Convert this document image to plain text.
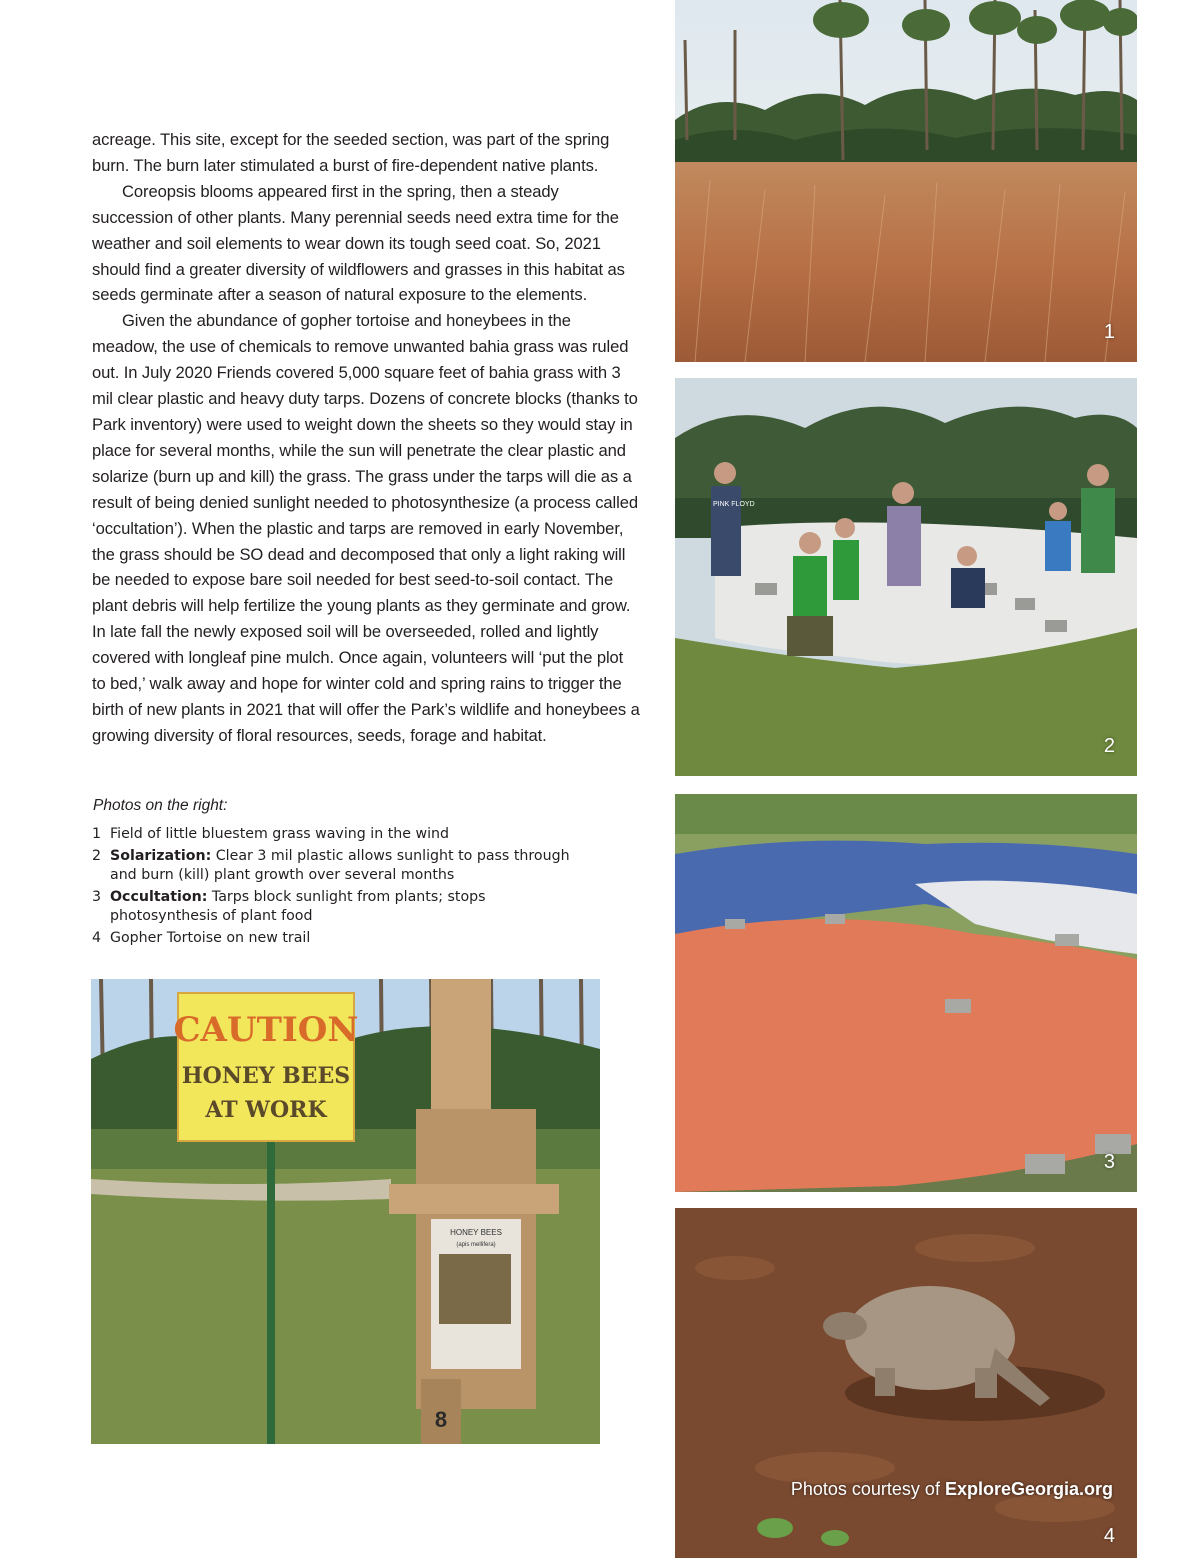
acreage. This site, except for the seeded section, was part of the spring burn. The burn later stimulated a burst of fire-dependent native plants.

Coreopsis blooms appeared first in the spring, then a steady succession of other plants. Many perennial seeds need extra time for the weather and soil elements to wear down its tough seed coat. So, 2021 should find a greater diversity of wildflowers and grasses in this habitat as seeds germinate after a season of natural exposure to the elements.

Given the abundance of gopher tortoise and honeybees in the meadow, the use of chemicals to remove unwanted bahia grass was ruled out. In July 2020 Friends covered 5,000 square feet of bahia grass with 3 mil clear plastic and heavy duty tarps. Dozens of concrete blocks (thanks to Park inventory) were used to weight down the sheets so they would stay in place for several months, while the sun will penetrate the clear plastic and solarize (burn up and kill) the grass. The grass under the tarps will die as a result of being denied sunlight needed to photosynthesize (a process called ‘occultation’). When the plastic and tarps are removed in early November, the grass should be SO dead and decomposed that only a light raking will be needed to expose bare soil needed for best seed-to-soil contact. The plant debris will help fertilize the young plants as they germinate and grow. In late fall the newly exposed soil will be overseeded, rolled and lightly covered with longleaf pine mulch. Once again, volunteers will ‘put the plot to bed,’ walk away and hope for winter cold and spring rains to trigger the birth of new plants in 2021 that will offer the Park’s wildlife and honeybees a growing diversity of floral resources, seeds, forage and habitat.

Photos on the right:
1 Field of little bluestem grass waving in the wind
2 Solarization: Clear 3 mil plastic allows sunlight to pass through and burn (kill) plant growth over several months
3 Occultation: Tarps block sunlight from plants; stops photosynthesis of plant food
4 Gopher Tortoise on new trail
1
PINK FLOYD
2
3
Photos courtesy of ExploreGeorgia.org
4
CAUTION
HONEY BEES
AT WORK
HONEY BEES
(apis mellifera)
8
